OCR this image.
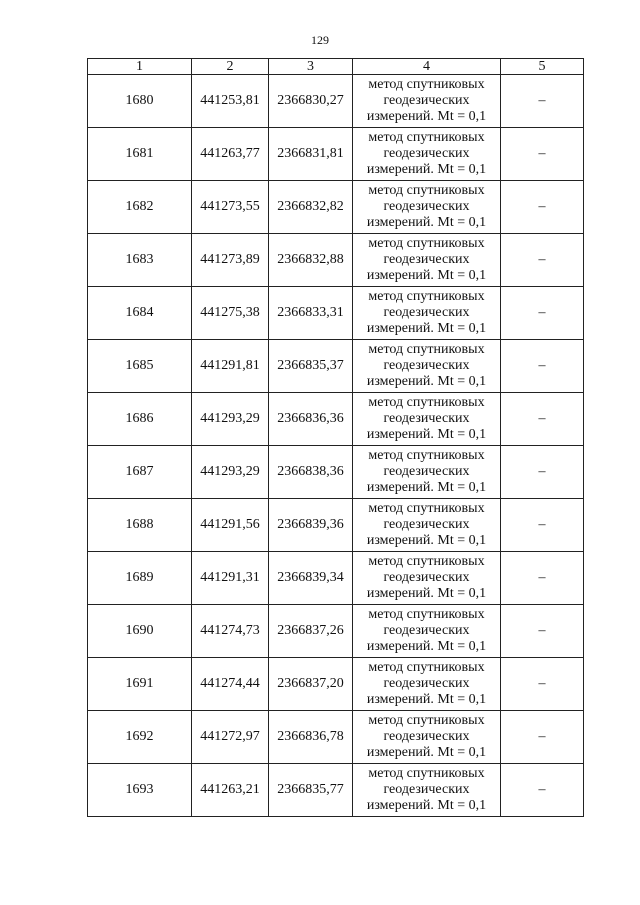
129
1	2	3	4	5
1680	441253,81	2366830,27	метод спутниковых
геодезических
измерений. Mt = 0,1	–
1681	441263,77	2366831,81	метод спутниковых
геодезических
измерений. Mt = 0,1	–
1682	441273,55	2366832,82	метод спутниковых
геодезических
измерений. Mt = 0,1	–
1683	441273,89	2366832,88	метод спутниковых
геодезических
измерений. Mt = 0,1	–
1684	441275,38	2366833,31	метод спутниковых
геодезических
измерений. Mt = 0,1	–
1685	441291,81	2366835,37	метод спутниковых
геодезических
измерений. Mt = 0,1	–
1686	441293,29	2366836,36	метод спутниковых
геодезических
измерений. Mt = 0,1	–
1687	441293,29	2366838,36	метод спутниковых
геодезических
измерений. Mt = 0,1	–
1688	441291,56	2366839,36	метод спутниковых
геодезических
измерений. Mt = 0,1	–
1689	441291,31	2366839,34	метод спутниковых
геодезических
измерений. Mt = 0,1	–
1690	441274,73	2366837,26	метод спутниковых
геодезических
измерений. Mt = 0,1	–
1691	441274,44	2366837,20	метод спутниковых
геодезических
измерений. Mt = 0,1	–
1692	441272,97	2366836,78	метод спутниковых
геодезических
измерений. Mt = 0,1	–
1693	441263,21	2366835,77	метод спутниковых
геодезических
измерений. Mt = 0,1	–
